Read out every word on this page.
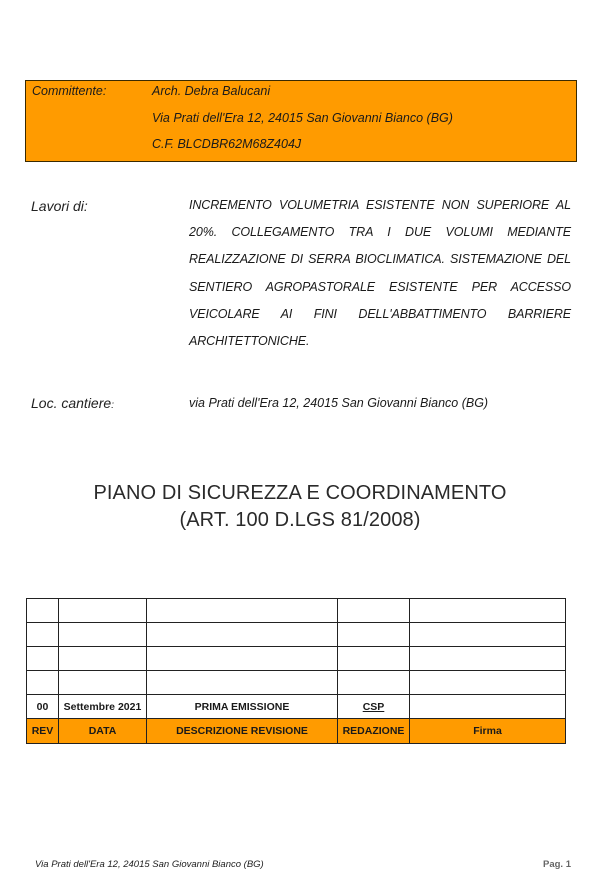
Committente:	Arch. Debra Balucani
Via Prati dell'Era 12, 24015 San Giovanni Bianco (BG)
C.F. BLCDBR62M68Z404J
Lavori di:	INCREMENTO VOLUMETRIA ESISTENTE NON SUPERIORE AL 20%. COLLEGAMENTO TRA I DUE VOLUMI MEDIANTE REALIZZAZIONE DI SERRA BIOCLIMATICA. SISTEMAZIONE DEL SENTIERO AGROPASTORALE ESISTENTE PER ACCESSO VEICOLARE AI FINI DELL'ABBATTIMENTO BARRIERE ARCHITETTONICHE.
Loc. cantiere:	via Prati dell'Era 12, 24015 San Giovanni Bianco (BG)
PIANO DI SICUREZZA E COORDINAMENTO
(ART. 100 D.LGS 81/2008)

00	Settembre 2021	PRIMA EMISSIONE	CSP	
REV	DATA	DESCRIZIONE REVISIONE	REDAZIONE	Firma
Via Prati dell'Era 12, 24015 San Giovanni Bianco (BG)	Pag. 1
